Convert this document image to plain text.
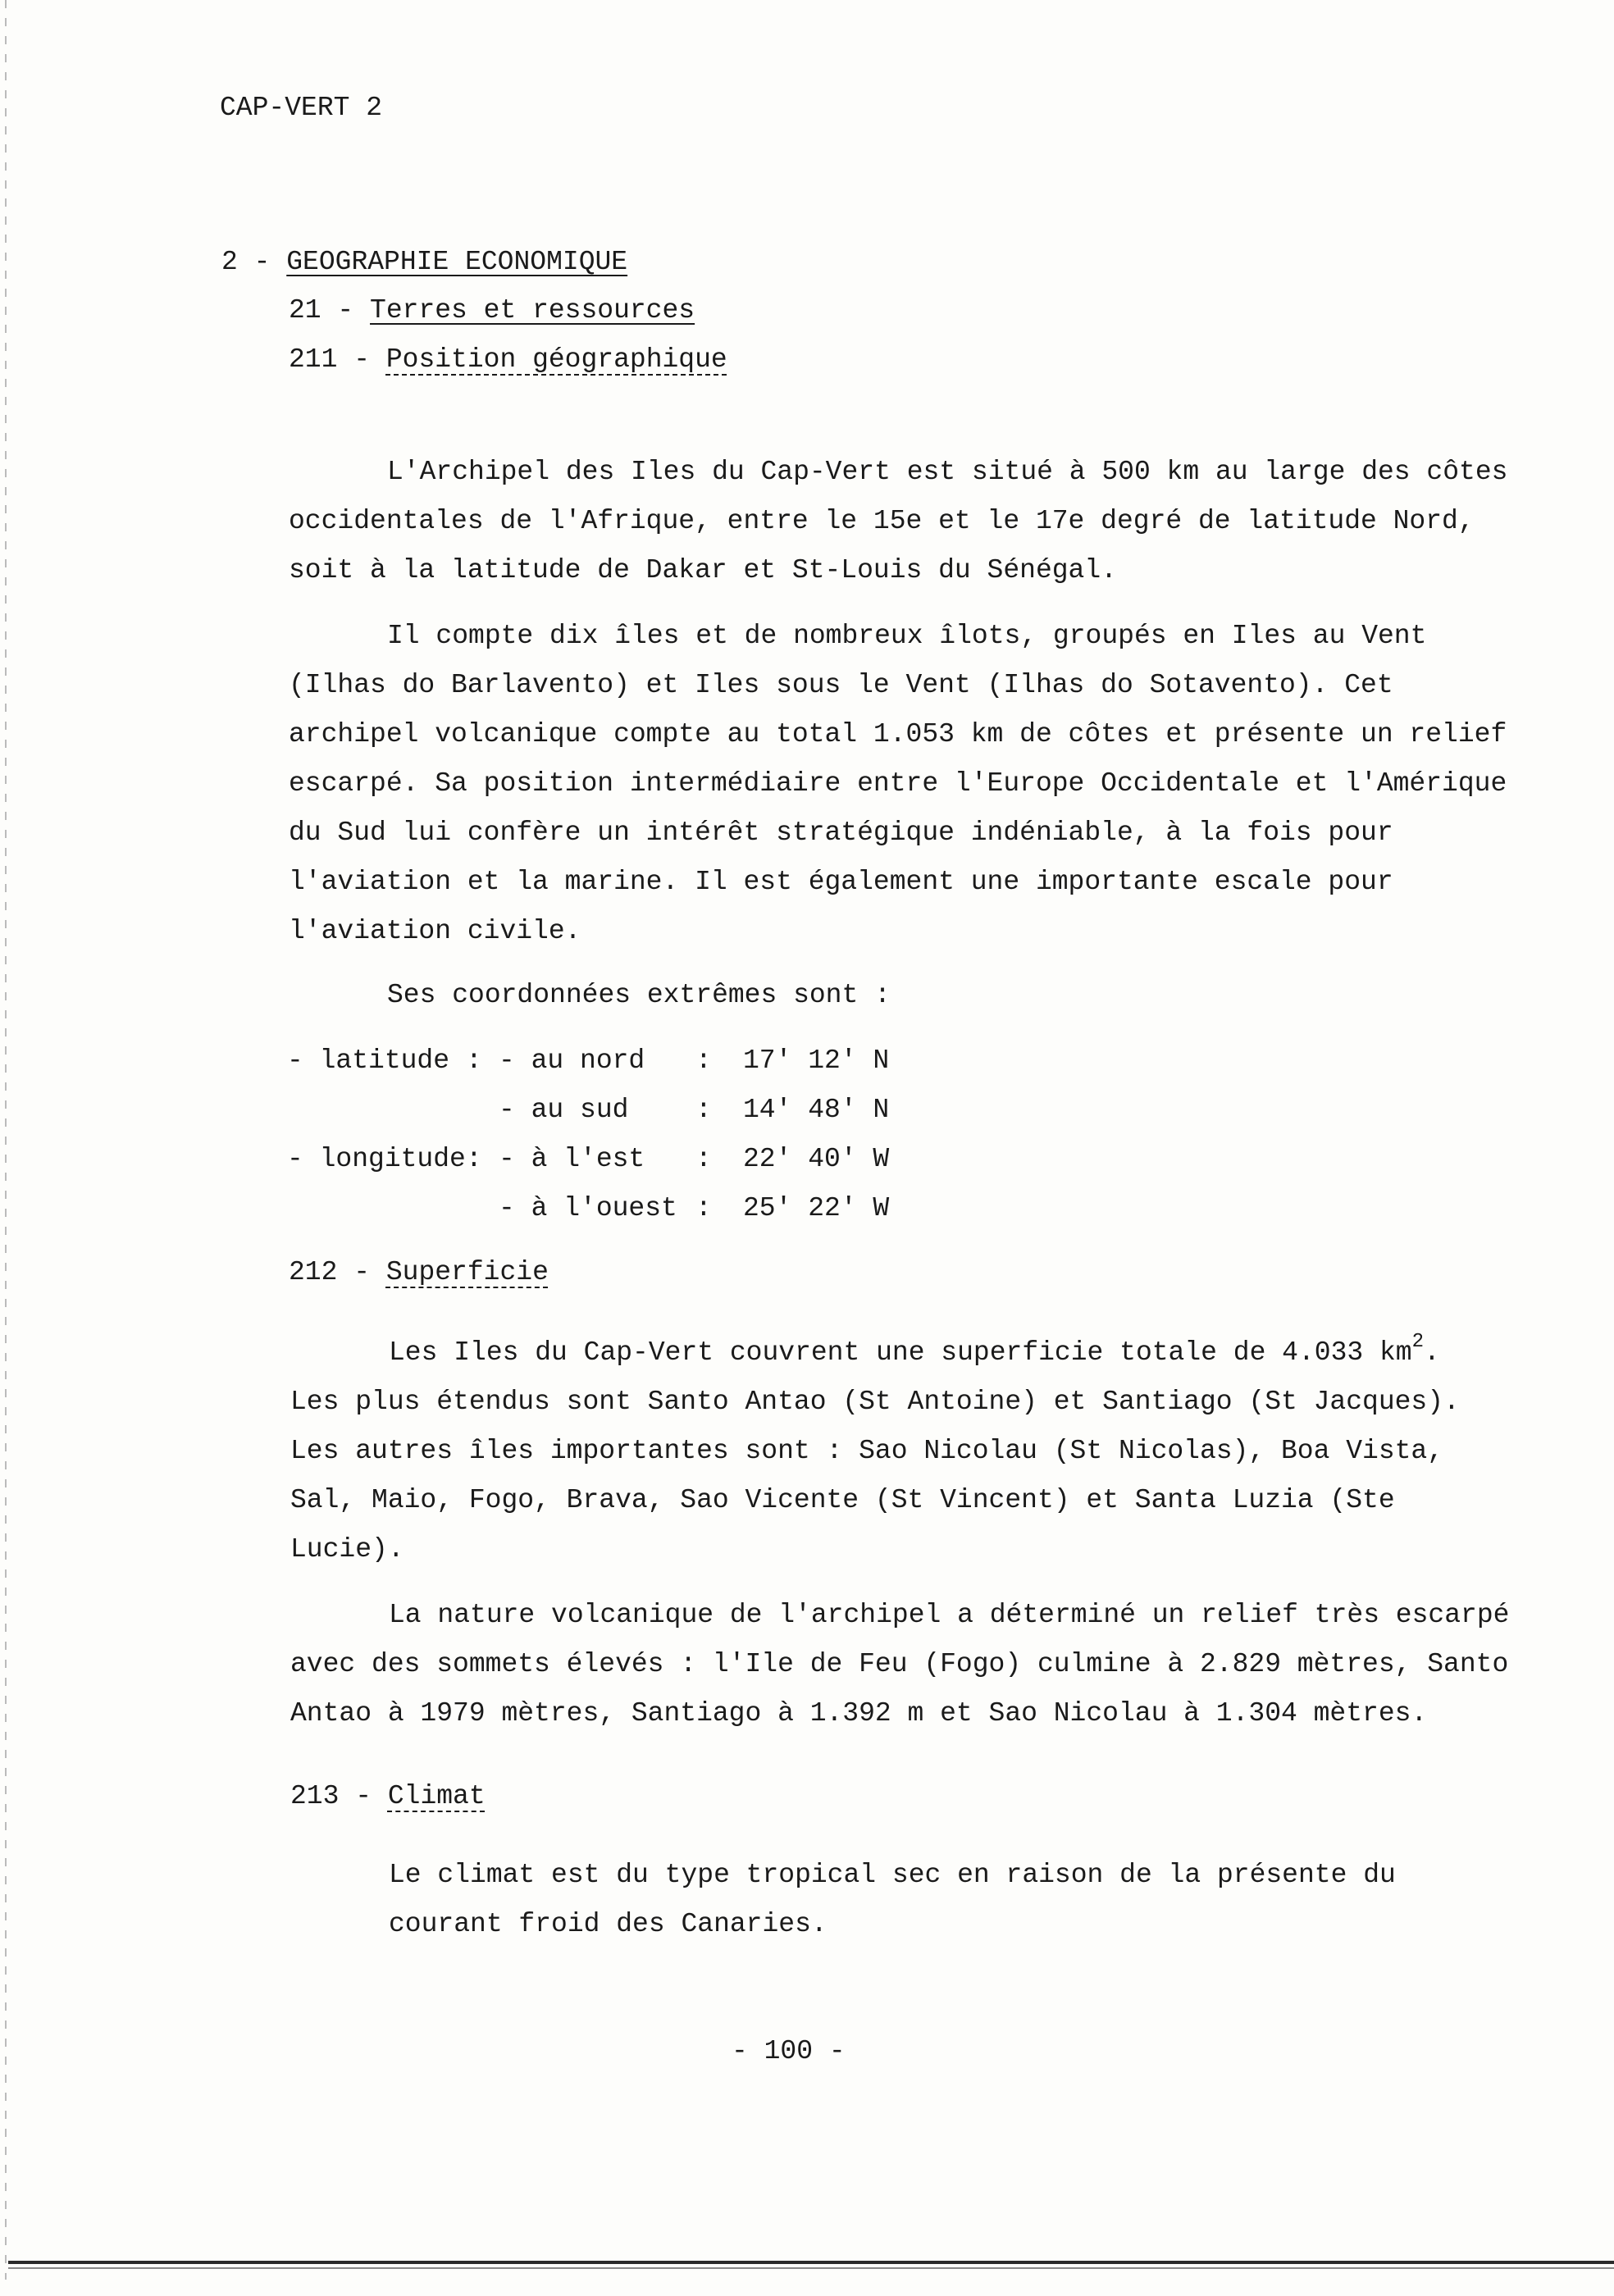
CAP-VERT 2
2 - GEOGRAPHIE ECONOMIQUE
21 - Terres et ressources
211 - Position géographique

L'Archipel des Iles du Cap-Vert est situé à 500 km au large des côtes occidentales de l'Afrique, entre le 15e et le 17e degré de latitude Nord, soit à la latitude de Dakar et St-Louis du Sénégal.

Il compte dix îles et de nombreux îlots, groupés en Iles au Vent (Ilhas do Barlavento) et Iles sous le Vent (Ilhas do Sotavento). Cet archipel volcanique compte au total 1.053 km de côtes et présente un relief escarpé. Sa position intermédiaire entre l'Europe Occidentale et l'Amérique du Sud lui confère un intérêt stratégique indéniable, à la fois pour l'aviation et la marine. Il est également une importante escale pour l'aviation civile.

Ses coordonnées extrêmes sont :
- latitude	:	- au nord	:	17' 12' N
		- au sud	:	14' 48' N
- longitude	:	- à l'est	:	22' 40' W
		- à l'ouest	:	25' 22' W
212 - Superficie

Les Iles du Cap-Vert couvrent une superficie totale de 4.033 $km^2$. Les plus étendus sont Santo Antao (St Antoine) et Santiago (St Jacques). Les autres îles importantes sont : Sao Nicolau (St Nicolas), Boa Vista, Sal, Maio, Fogo, Brava, Sao Vicente (St Vincent) et Santa Luzia (Ste Lucie).

La nature volcanique de l'archipel a déterminé un relief très escarpé avec des sommets élevés : l'Ile de Feu (Fogo) culmine à 2.829 mètres, Santo Antao à 1979 mètres, Santiago à 1.392 m et Sao Nicolau à 1.304 mètres.

213 - Climat

Le climat est du type tropical sec en raison de la présente du courant froid des Canaries.

- 100 -
